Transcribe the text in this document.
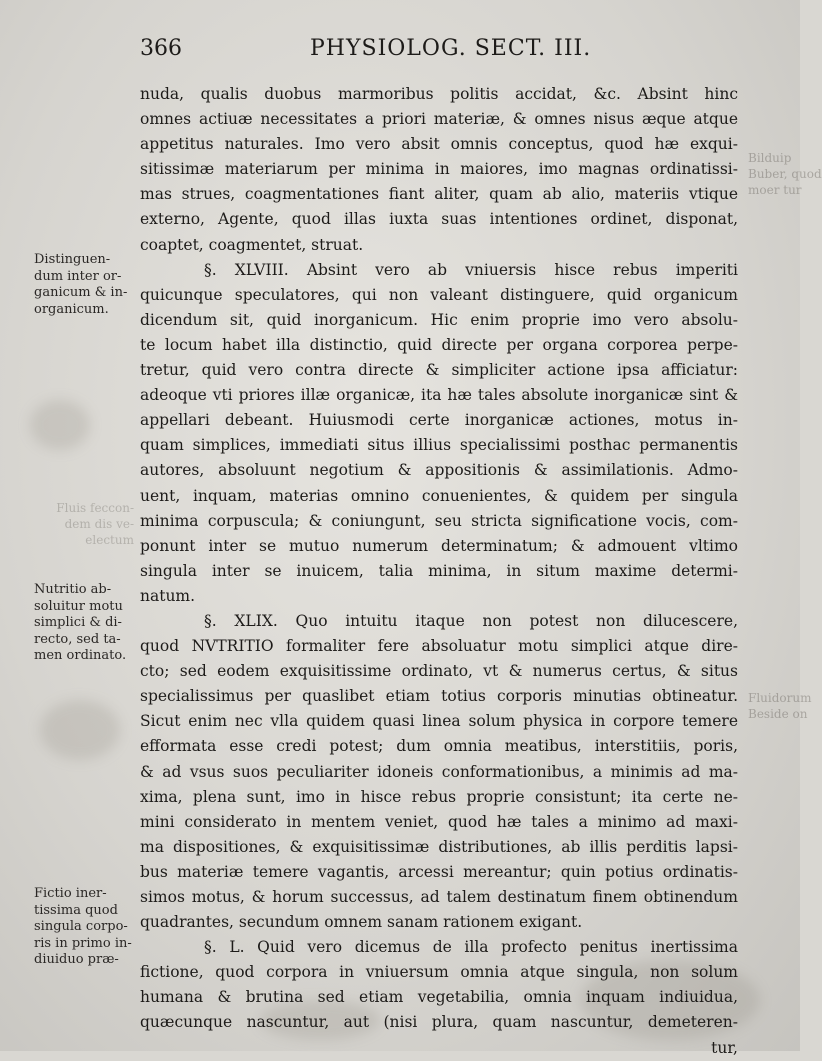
Bilduip
Buber, quod
moer tur
Fluidorum
Beside on
Fluis feccon-
dem dis ve-
electum
366	PHYSIOLOG. SECT. III.
nuda, qualis duobus marmoribus politis accidat, &c. Absint hinc
omnes actiuæ necessitates a priori materiæ, & omnes nisus æque atque
appetitus naturales. Imo vero absit omnis conceptus, quod hæ exqui-
sitissimæ materiarum per minima in maiores, imo magnas ordinatissi-
mas strues, coagmentationes fiant aliter, quam ab alio, materiis vtique
externo, Agente, quod illas iuxta suas intentiones ordinet, disponat,
coaptet, coagmentet, struat.
§. XLVIII. Absint vero ab vniuersis hisce rebus imperiti
quicunque speculatores, qui non valeant distinguere, quid organicum
dicendum sit, quid inorganicum. Hic enim proprie imo vero absolu-
te locum habet illa distinctio, quid directe per organa corporea perpe-
tretur, quid vero contra directe & simpliciter actione ipsa afficiatur:
adeoque vti priores illæ organicæ, ita hæ tales absolute inorganicæ sint &
appellari debeant. Huiusmodi certe inorganicæ actiones, motus in-
quam simplices, immediati situs illius specialissimi posthac permanentis
autores, absoluunt negotium & appositionis & assimilationis. Admo-
uent, inquam, materias omnino conuenientes, & quidem per singula
minima corpuscula; & coniungunt, seu stricta significatione vocis, com-
ponunt inter se mutuo numerum determinatum; & admouent vltimo
singula inter se inuicem, talia minima, in situm maxime determi-
natum.
§. XLIX. Quo intuitu itaque non potest non dilucescere,
quod NVTRITIO formaliter fere absoluatur motu simplici atque dire-
cto; sed eodem exquisitissime ordinato, vt & numerus certus, & situs
specialissimus per quaslibet etiam totius corporis minutias obtineatur.
Sicut enim nec vlla quidem quasi linea solum physica in corpore temere
efformata esse credi potest; dum omnia meatibus, interstitiis, poris,
& ad vsus suos peculiariter idoneis conformationibus, a minimis ad ma-
xima, plena sunt, imo in hisce rebus proprie consistunt; ita certe ne-
mini considerato in mentem veniet, quod hæ tales a minimo ad maxi-
ma dispositiones, & exquisitissimæ distributiones, ab illis perditis lapsi-
bus materiæ temere vagantis, arcessi mereantur; quin potius ordinatis-
simos motus, & horum successus, ad talem destinatum finem obtinendum
quadrantes, secundum omnem sanam rationem exigant.
§. L. Quid vero dicemus de illa profecto penitus inertissima
fictione, quod corpora in vniuersum omnia atque singula, non solum
humana & brutina sed etiam vegetabilia, omnia inquam indiuidua,
quæcunque nascuntur, aut (nisi plura, quam nascuntur, demeteren-
tur,
Distinguen-
dum inter or-
ganicum & in-
organicum.
Nutritio ab-
soluitur motu
simplici & di-
recto, sed ta-
men ordinato.
Fictio iner-
tissima quod
singula corpo-
ris in primo in-
diuiduo præ-
